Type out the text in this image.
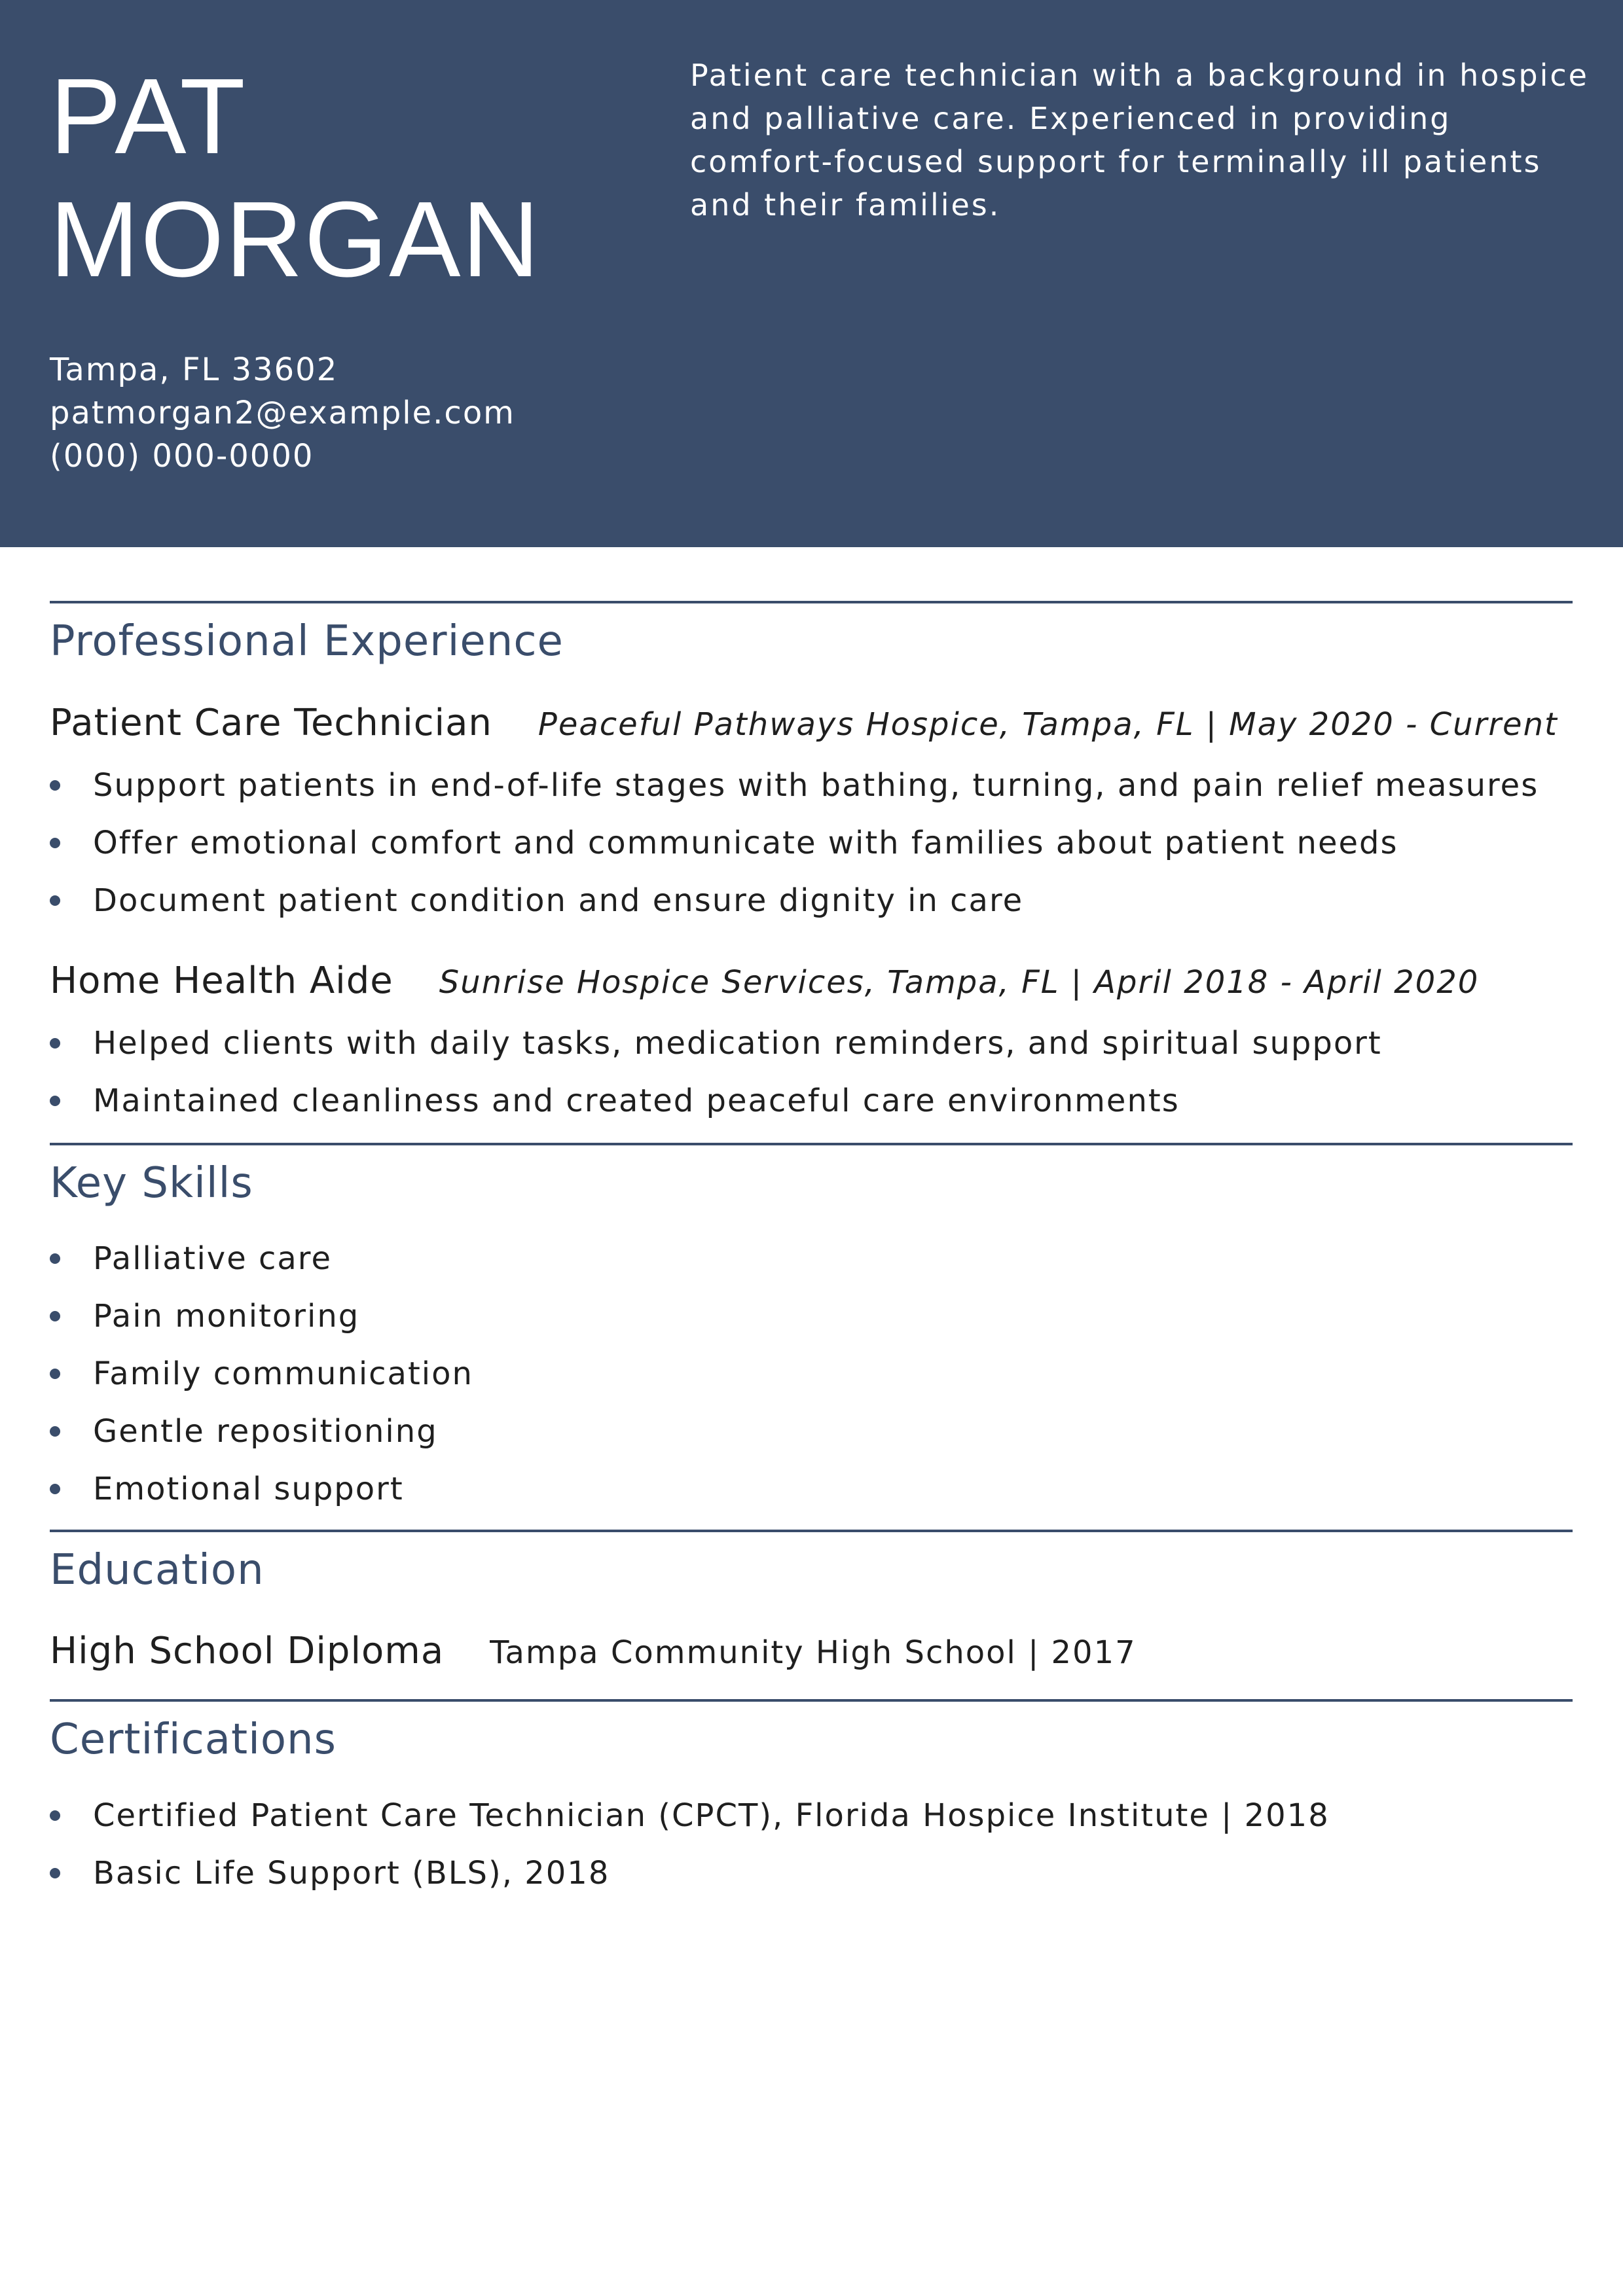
PAT
MORGAN
Tampa, FL 33602
patmorgan2@example.com
(000) 000-0000
Patient care technician with a background in hospice and palliative care. Experienced in providing comfort-focused support for terminally ill patients and their families.
Professional Experience
Patient Care Technician Peaceful Pathways Hospice, Tampa, FL | May 2020 - Current
Support patients in end-of-life stages with bathing, turning, and pain relief measures
Offer emotional comfort and communicate with families about patient needs
Document patient condition and ensure dignity in care
Home Health Aide Sunrise Hospice Services, Tampa, FL | April 2018 - April 2020
Helped clients with daily tasks, medication reminders, and spiritual support
Maintained cleanliness and created peaceful care environments
Key Skills
Palliative care
Pain monitoring
Family communication
Gentle repositioning
Emotional support
Education
High School Diploma Tampa Community High School | 2017
Certifications
Certified Patient Care Technician (CPCT), Florida Hospice Institute | 2018
Basic Life Support (BLS), 2018
